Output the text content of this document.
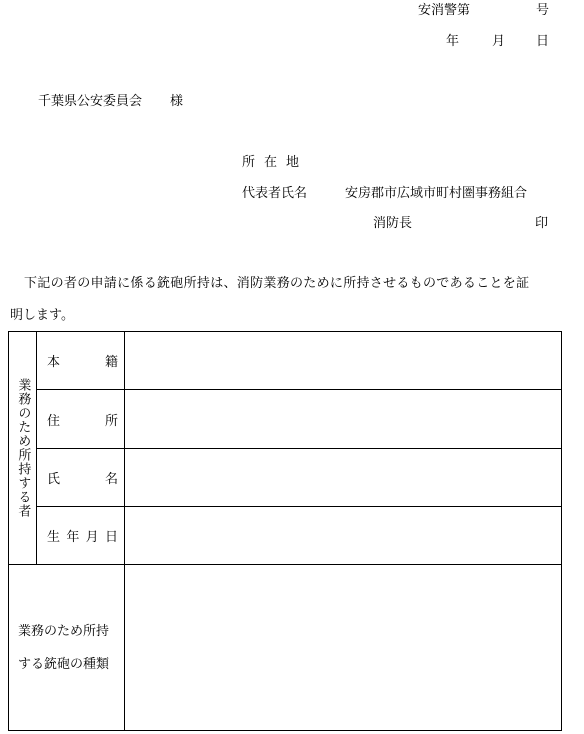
安消警第	号
年	月 日
千葉県公安委員会 様
所在地
代表者氏名	安房郡市広域市町村圏事務組合
消防長	印
下記の者の申請に係る銃砲所持は、消防業務のために所持させるものであることを証
明します。
業務のため所持する者	本 籍	

	住 所	

	氏 名	

	生 年 月 日	

業務のため所持
する銃砲の種類		
